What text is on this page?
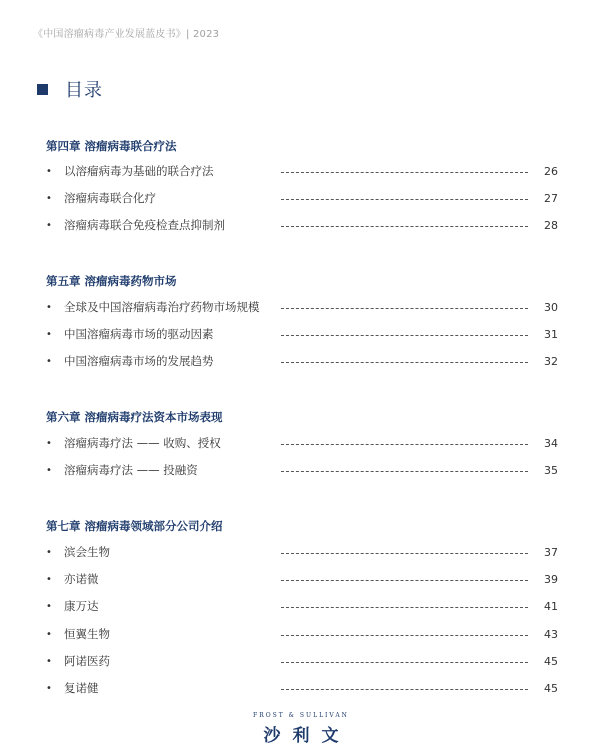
《中国溶瘤病毒产业发展蓝皮书》| 2023
目录
第四章 溶瘤病毒联合疗法
•	以溶瘤病毒为基础的联合疗法	26
•	溶瘤病毒联合化疗	27
•	溶瘤病毒联合免疫检查点抑制剂	28
第五章 溶瘤病毒药物市场
•	全球及中国溶瘤病毒治疗药物市场规模	30
•	中国溶瘤病毒市场的驱动因素	31
•	中国溶瘤病毒市场的发展趋势	32
第六章 溶瘤病毒疗法资本市场表现
•	溶瘤病毒疗法 —— 收购、授权	34
•	溶瘤病毒疗法 —— 投融资	35
第七章 溶瘤病毒领域部分公司介绍
•	滨会生物	37
•	亦诺微	39
•	康万达	41
•	恒翼生物	43
•	阿诺医药	45
•	复诺健	45
FROST & SULLIVAN
沙利文
